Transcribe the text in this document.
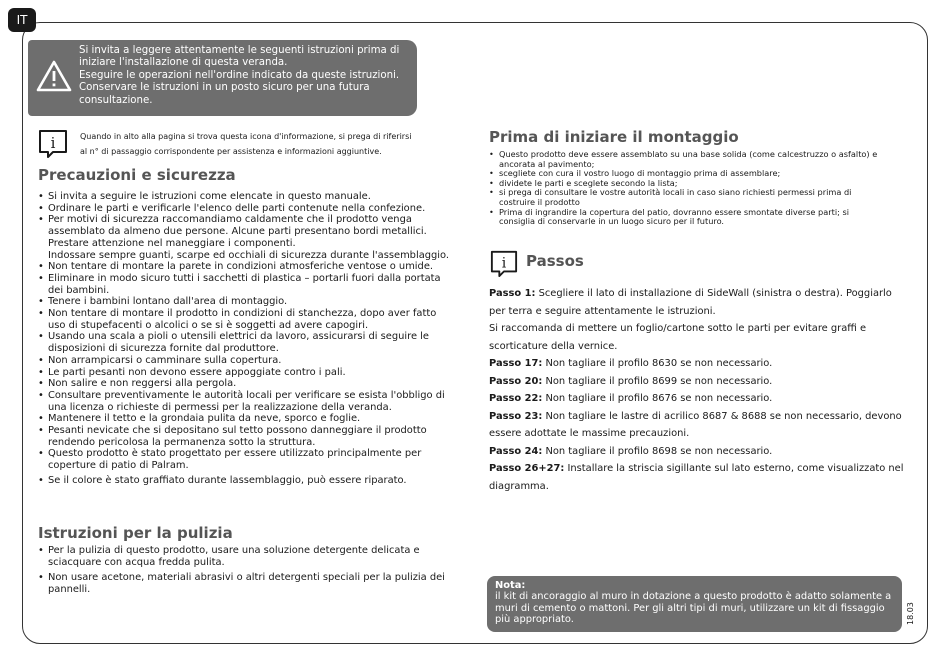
IT
Si invita a leggere attentamente le seguenti istruzioni prima di
iniziare l'installazione di questa veranda.
Eseguire le operazioni nell'ordine indicato da queste istruzioni.
Conservare le istruzioni in un posto sicuro per una futura
consultazione.
i	Quando in alto alla pagina si trova questa icona d'informazione, si prega di riferirsi
al n° di passaggio corrispondente per assistenza e informazioni aggiuntive.
Precauzioni e sicurezza
• Si invita a seguire le istruzioni come elencate in questo manuale.
• Ordinare le parti e verificarle l'elenco delle parti contenute nella confezione.
• Per motivi di sicurezza raccomandiamo caldamente che il prodotto venga assemblato da almeno due persone. Alcune parti presentano bordi metallici. Prestare attenzione nel maneggiare i componenti.
Indossare sempre guanti, scarpe ed occhiali di sicurezza durante l'assemblaggio.
• Non tentare di montare la parete in condizioni atmosferiche ventose o umide.
• Eliminare in modo sicuro tutti i sacchetti di plastica – portarli fuori dalla portata dei bambini.
• Tenere i bambini lontano dall'area di montaggio.
• Non tentare di montare il prodotto in condizioni di stanchezza, dopo aver fatto uso di stupefacenti o alcolici o se si è soggetti ad avere capogiri.
• Usando una scala a pioli o utensili elettrici da lavoro, assicurarsi di seguire le disposizioni di sicurezza fornite dal produttore.
• Non arrampicarsi o camminare sulla copertura.
• Le parti pesanti non devono essere appoggiate contro i pali.
• Non salire e non reggersi alla pergola.
• Consultare preventivamente le autorità locali per verificare se esista l'obbligo di una licenza o richieste di permessi per la realizzazione della veranda.
• Mantenere il tetto e la grondaia pulita da neve, sporco e foglie.
• Pesanti nevicate che si depositano sul tetto possono danneggiare il prodotto rendendo pericolosa la permanenza sotto la struttura.
• Questo prodotto è stato progettato per essere utilizzato principalmente per coperture di patio di Palram.
• Se il colore è stato graffiato durante lassemblaggio, può essere riparato.
Istruzioni per la pulizia
• Per la pulizia di questo prodotto, usare una soluzione detergente delicata e sciacquare con acqua fredda pulita.
• Non usare acetone, materiali abrasivi o altri detergenti speciali per la pulizia dei pannelli.
Prima di iniziare il montaggio
• Questo prodotto deve essere assemblato su una base solida (come calcestruzzo o asfalto) e ancorata al pavimento;
• scegliete con cura il vostro luogo di montaggio prima di assemblare;
• dividete le parti e sceglete secondo la lista;
• si prega di consultare le vostre autorità locali in caso siano richiesti permessi prima di costruire il prodotto
• Prima di ingrandire la copertura del patio, dovranno essere smontate diverse parti; si consiglia di conservarle in un luogo sicuro per il futuro.
i Passos

Passo 1: Scegliere il lato di installazione di SideWall (sinistra o destra). Poggiarlo per terra e seguire attentamente le istruzioni.

Si raccomanda di mettere un foglio/cartone sotto le parti per evitare graffi e scorticature della vernice.

Passo 17: Non tagliare il profilo 8630 se non necessario.

Passo 20: Non tagliare il profilo 8699 se non necessario.

Passo 22: Non tagliare il profilo 8676 se non necessario.

Passo 23: Non tagliare le lastre di acrilico 8687 & 8688 se non necessario, devono essere adottate le massime precauzioni.

Passo 24: Non tagliare il profilo 8698 se non necessario.

Passo 26+27: Installare la striscia sigillante sul lato esterno, come visualizzato nel diagramma.

Nota:
il kit di ancoraggio al muro in dotazione a questo prodotto è adatto solamente a muri di cemento o mattoni. Per gli altri tipi di muri, utilizzare un kit di fissaggio più appropriato.	18.03
